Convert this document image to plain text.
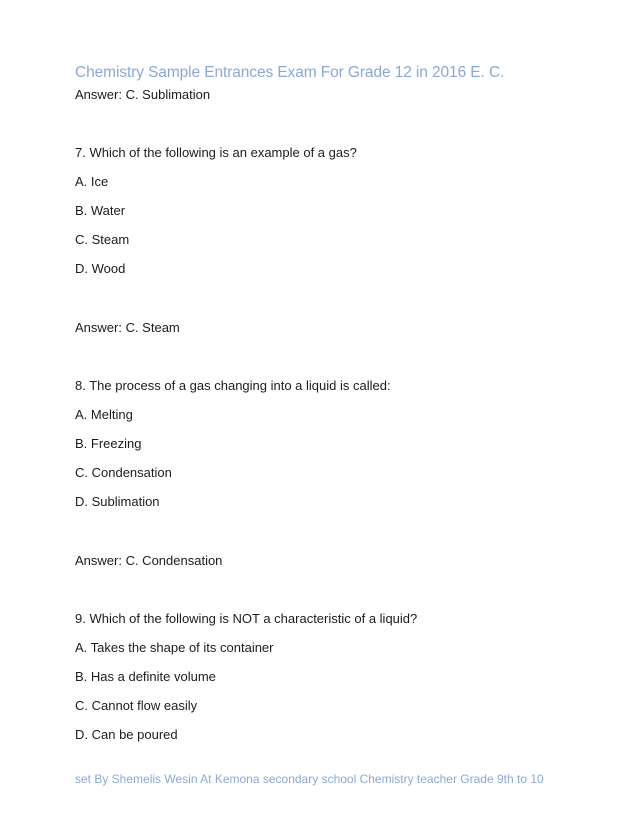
Chemistry Sample Entrances Exam For Grade 12 in 2016 E. C.
Answer: C. Sublimation
7. Which of the following is an example of a gas?
A. Ice
B. Water
C. Steam
D. Wood
Answer: C. Steam
8. The process of a gas changing into a liquid is called:
A. Melting
B. Freezing
C. Condensation
D. Sublimation
Answer: C. Condensation
9. Which of the following is NOT a characteristic of a liquid?
A. Takes the shape of its container
B. Has a definite volume
C. Cannot flow easily
D. Can be poured
set By Shemelis Wesin At Kemona secondary school Chemistry teacher Grade 9th to 10
